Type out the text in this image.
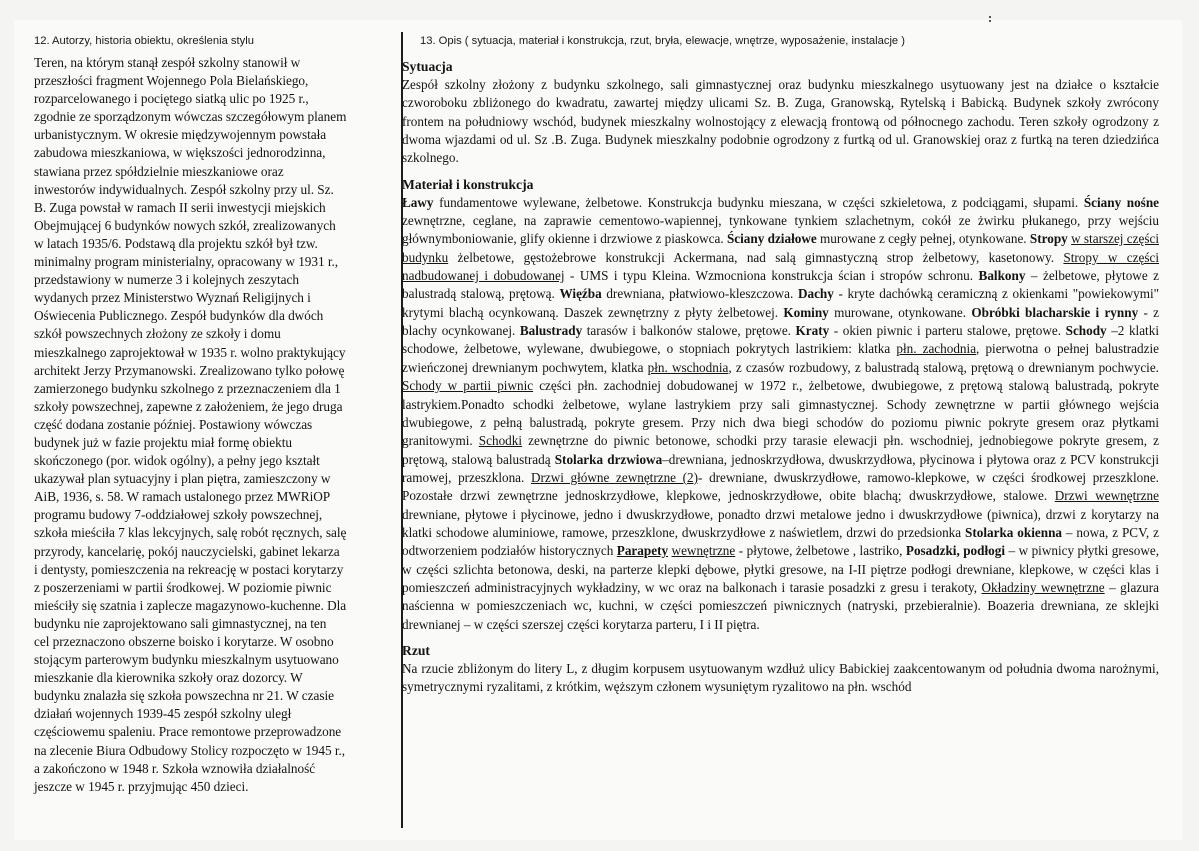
12. Autorzy, historia obiektu, określenia stylu
Teren, na którym stanął zespół szkolny stanowił w
przeszłości fragment Wojennego Pola Bielańskiego,
rozparcelowanego i pociętego siatką ulic po 1925 r.,
zgodnie ze sporządzonym wówczas szczegółowym planem
urbanistycznym. W okresie międzywojennym powstała
zabudowa mieszkaniowa, w większości jednorodzinna,
stawiana przez spółdzielnie mieszkaniowe oraz
inwestorów indywidualnych. Zespół szkolny przy ul. Sz.
B. Zuga powstał w ramach II serii inwestycji miejskich
Obejmującej 6 budynków nowych szkół, zrealizowanych
w latach 1935/6. Podstawą dla projektu szkół był tzw.
minimalny program ministerialny, opracowany w 1931 r.,
przedstawiony w numerze 3 i kolejnych zeszytach
wydanych przez Ministerstwo Wyznań Religijnych i
Oświecenia Publicznego. Zespół budynków dla dwóch
szkół powszechnych złożony ze szkoły i domu
mieszkalnego zaprojektował w 1935 r. wolno praktykujący
architekt Jerzy Przymanowski. Zrealizowano tylko połowę
zamierzonego budynku szkolnego z przeznaczeniem dla 1
szkoły powszechnej, zapewne z założeniem, że jego druga
część dodana zostanie później. Postawiony wówczas
budynek już w fazie projektu miał formę obiektu
skończonego (por. widok ogólny), a pełny jego kształt
ukazywał plan sytuacyjny i plan piętra, zamieszczony w
AiB, 1936, s. 58. W ramach ustalonego przez MWRiOP
programu budowy 7-oddziałowej szkoły powszechnej,
szkoła mieściła 7 klas lekcyjnych, salę robót ręcznych, salę
przyrody, kancelarię, pokój nauczycielski, gabinet lekarza
i dentysty, pomieszczenia na rekreację w postaci korytarzy
z poszerzeniami w partii środkowej. W poziomie piwnic
mieściły się szatnia i zaplecze magazynowo-kuchenne. Dla
budynku nie zaprojektowano sali gimnastycznej, na ten
cel przeznaczono obszerne boisko i korytarze. W osobno
stojącym parterowym budynku mieszkalnym usytuowano
mieszkanie dla kierownika szkoły oraz dozorcy. W
budynku znalazła się szkoła powszechna nr 21. W czasie
działań wojennych 1939-45 zespół szkolny uległ
częściowemu spaleniu. Prace remontowe przeprowadzone
na zlecenie Biura Odbudowy Stolicy rozpoczęto w 1945 r.,
a zakończono w 1948 r. Szkoła wznowiła działalność
jeszcze w 1945 r. przyjmując 450 dzieci.
13. Opis ( sytuacja, materiał i konstrukcja, rzut, bryła, elewacje, wnętrze, wyposażenie, instalacje )
Sytuacja
Zespół szkolny złożony z budynku szkolnego, sali gimnastycznej oraz budynku mieszkalnego usytuowany jest na działce o kształcie czworoboku zbliżonego do kwadratu, zawartej między ulicami Sz. B. Zuga, Granowską, Rytelską i Babicką. Budynek szkoły zwrócony frontem na południowy wschód, budynek mieszkalny wolnostojący z elewacją frontową od północnego zachodu. Teren szkoły ogrodzony z dwoma wjazdami od ul. Sz .B. Zuga. Budynek mieszkalny podobnie ogrodzony z furtką od ul. Granowskiej oraz z furtką na teren dziedzińca szkolnego.
Materiał i konstrukcja
Ławy fundamentowe wylewane, żelbetowe. Konstrukcja budynku mieszana, w części szkieletowa, z podciągami, słupami. Ściany nośne zewnętrzne, ceglane, na zaprawie cementowo-wapiennej, tynkowane tynkiem szlachetnym, cokół ze żwirku płukanego, przy wejściu głównymboniowanie, glify okienne i drzwiowe z piaskowca. Ściany działowe murowane z cegły pełnej, otynkowane. Stropy w starszej części budynku żelbetowe, gęstożebrowe konstrukcji Ackermana, nad salą gimnastyczną strop żelbetowy, kasetonowy. Stropy w części nadbudowanej i dobudowanej - UMS i typu Kleina. Wzmocniona konstrukcja ścian i stropów schronu. Balkony – żelbetowe, płytowe z balustradą stalową, prętową. Więźba drewniana, płatwiowo-kleszczowa. Dachy - kryte dachówką ceramiczną z okienkami "powiekowymi" krytymi blachą ocynkowaną. Daszek zewnętrzny z płyty żelbetowej. Kominy murowane, otynkowane. Obróbki blacharskie i rynny - z blachy ocynkowanej. Balustrady tarasów i balkonów stalowe, prętowe. Kraty - okien piwnic i parteru stalowe, prętowe. Schody –2 klatki schodowe, żelbetowe, wylewane, dwubiegowe, o stopniach pokrytych lastrikiem: klatka płn. zachodnia, pierwotna o pełnej balustradzie zwieńczonej drewnianym pochwytem, klatka płn. wschodnia, z czasów rozbudowy, z balustradą stalową, prętową o drewnianym pochwycie. Schody w partii piwnic części płn. zachodniej dobudowanej w 1972 r., żelbetowe, dwubiegowe, z prętową stalową balustradą, pokryte lastrykiem.Ponadto schodki żelbetowe, wylane lastrykiem przy sali gimnastycznej. Schody zewnętrzne w partii głównego wejścia dwubiegowe, z pełną balustradą, pokryte gresem. Przy nich dwa biegi schodów do poziomu piwnic pokryte gresem oraz płytkami granitowymi. Schodki zewnętrzne do piwnic betonowe, schodki przy tarasie elewacji płn. wschodniej, jednobiegowe pokryte gresem, z prętową, stalową balustradą Stolarka drzwiowa–drewniana, jednoskrzydłowa, dwuskrzydłowa, płycinowa i płytowa oraz z PCV konstrukcji ramowej, przeszklona. Drzwi główne zewnętrzne (2)- drewniane, dwuskrzydłowe, ramowo-klepkowe, w części środkowej przeszklone. Pozostałe drzwi zewnętrzne jednoskrzydłowe, klepkowe, jednoskrzydłowe, obite blachą; dwuskrzydłowe, stalowe. Drzwi wewnętrzne drewniane, płytowe i płycinowe, jedno i dwuskrzydłowe, ponadto drzwi metalowe jedno i dwuskrzydłowe (piwnica), drzwi z korytarzy na klatki schodowe aluminiowe, ramowe, przeszklone, dwuskrzydłowe z naświetlem, drzwi do przedsionka Stolarka okienna – nowa, z PCV, z odtworzeniem podziałów historycznych Parapety wewnętrzne - płytowe, żelbetowe , lastriko, Posadzki, podłogi – w piwnicy płytki gresowe, w części szlichta betonowa, deski, na parterze klepki dębowe, płytki gresowe, na I-II piętrze podłogi drewniane, klepkowe, w części klas i pomieszczeń administracyjnych wykładziny, w wc oraz na balkonach i tarasie posadzki z gresu i terakoty, Okładziny wewnętrzne – glazura naścienna w pomieszczeniach wc, kuchni, w części pomieszczeń piwnicznych (natryski, przebieralnie). Boazeria drewniana, ze sklejki drewnianej – w części szerszej części korytarza parteru, I i II piętra.
Rzut
Na rzucie zbliżonym do litery L, z długim korpusem usytuowanym wzdłuż ulicy Babickiej zaakcentowanym od południa dwoma narożnymi, symetrycznymi ryzalitami, z krótkim, węższym członem wysuniętym ryzalitowo na płn. wschód
